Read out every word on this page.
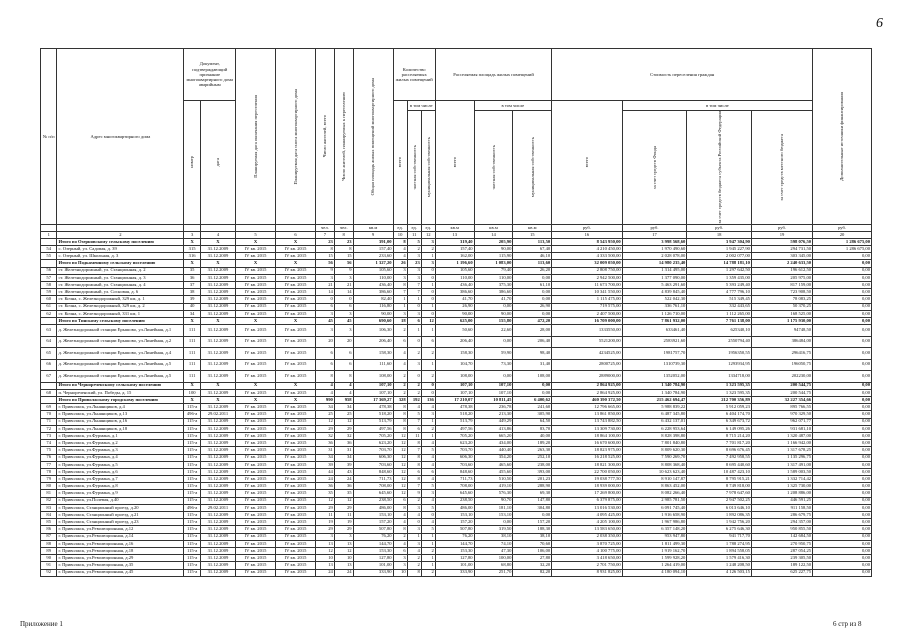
6
№ п/п	Адрес многоквартирного дома	Документ, подтверждающий признание многоквартирного дома аварийным		Планируемая дата окончания переселения	Планируемая дата сноса многоквартирного дома	Число жителей, всего	Число жителей, планируемых к переселению	Общая площадь жилых помещений многоквартирного дома	Количество расселяемых жилых помещений			Расселяемая площадь жилых помещений			Стоимость переселения граждан				Дополнительные источники финансирования

		номер	дата						всего	в том числе		всего	в том числе		всего	в том числе			

										частная собственность	муниципальная собственность		частная собственность	муниципальная собственность		за счет средств Фонда	за счет средств бюджета субъекта Российской Федерации	за счет средств местного бюджета	

						чел.	чел.	кв.м	ед.	ед.	ед.	кв.м	кв.м	кв.м	руб.	руб.	руб.	руб.	руб.
1	2	3	4	5	6	7	8	9	10	11	12	13	14	15	16	17	18	19	20
	Итого по Озерновскому сельскому поселению	X	X	X	X	23	23	391,00	8	5	3	319,40	205,90	113,50	8 543 950,00	3 998 568,60	3 947 304,90	598 076,50	1 286 675,00
54	с. Озерный, ул. Садовая, д. 39	315	31.12.2009	IV кв. 2015	IV кв. 2015	8	8	157,40	4	2	2	157,40	90,00	67,40	4 210 450,00	1 970 490,60	1 945 227,90	294 731,50	1 286 675,00
55	с. Озерный, ул. Школьная, д. 3	316	31.12.2009	IV кв. 2015	IV кв. 2015	15	15	233,60	4	3	1	162,00	115,90	46,10	4 333 500,00	2 028 078,00	2 002 077,00	303 345,00	0,00
	Итого по Подкаменному сельскому поселению	X	X	X	X	56	56	1 327,20	26	23	3	1 196,60	1 083,00	113,60	32 009 050,00	14 980 235,40	14 788 181,10	2 240 633,50	0,00
56	ст. Железнодорожный, ул. Станционная, д. 2	35	31.12.2009	IV кв. 2015	IV кв. 2015	9	9	105,60	3	3	0	105,60	79,40	26,20	2 808 750,00	1 314 495,00	1 297 642,50	196 612,50	0,00
57	ст. Железнодорожный, ул. Станционная, д. 3	36	31.12.2009	IV кв. 2015	IV кв. 2015	3	3	110,00	3	3	0	110,00	110,00	0,00	2 942 500,00	1 377 090,00	1 359 435,00	205 975,00	0,00
58	ст. Железнодорожный, ул. Станционная, д. 4	37	31.12.2009	IV кв. 2015	IV кв. 2015	21	21	436,40	8	7	1	436,40	375,30	61,10	11 673 700,00	5 463 291,60	5 393 249,40	817 159,00	0,00
59	ст. Железнодорожный, ул. Сосновая, д. 6	38	31.12.2009	IV кв. 2015	IV кв. 2015	14	14	386,60	7	7	0	386,60	386,60	0,00	10 341 550,00	4 839 845,40	4 777 796,10	723 908,50	0,00
60	ст. Кочна, с. Железнодорожный, 329 км, д. 1	39	31.12.2009	IV кв. 2015	IV кв. 2015	0	0	82,40	1	1	0	41,70	41,70	0,00	1 115 475,00	522 042,30	515 349,45	78 083,25	0,00
61	ст. Кочна, с. Железнодорожный, 329 км, д. 2	40	31.12.2009	IV кв. 2015	IV кв. 2015	6	6	116,80	1	0	1	26,90	0,00	26,90	719 575,00	336 761,10	332 443,65	50 370,25	0,00
62	ст. Кочна, с. Железнодорожный, 331 км, 1	34	31.12.2009	IV кв. 2015	IV кв. 2015	3	3	90,00	3	3	0	90,00	90,00	0,00	2 407 500,00	1 126 710,00	1 112 265,00	168 525,00	0,00
	Итого по Тинскому сельскому поселению	X	X	X	X	45	45	690,60	18	6	12	625,00	155,80	472,20	16 709 000,00	7 861 932,00	7 761 138,00	1 175 930,00	0,00
63	д. Железнодорожной станции Ерышово, ул.Линейная, д.1	111	31.12.2009	IV кв. 2015	IV кв. 2015	3	3	106,30	2	1	1	50,60	22,60	28,00	1333550,00	633461,40	625340,10	94748,50	0,00
64	д. Железнодорожной станции Ерышово, ул.Линейная, д.2	111	31.12.2009	IV кв. 2015	IV кв. 2015	20	20	206,40	6	0	6	206,40	0,00	206,40	5521200,00	2583921,60	2550794,40	386484,00	0,00
65	д. Железнодорожной станции Ерышово, ул.Линейная, д.4	111	31.12.2009	IV кв. 2015	IV кв. 2015	6	6	158,30	4	2	2	158,30	59,90	98,40	4234525,00	1981757,70	1956350,55	296416,75	0,00
66	д. Железнодорожной станции Ерышово, ул.Линейная, д.5	111	31.12.2009	IV кв. 2015	IV кв. 2015	6	6	111,60	4	3	1	104,70	73,30	31,40	2800725,00	1310739,30	1293934,95	196050,75	0,00
67	д. Железнодорожной станции Ерышово, ул.Линейная, д.5	111	31.12.2009	IV кв. 2015	IV кв. 2015	8	8	108,00	2	0	2	108,00	0,00	108,00	2889000,00	1352052,00	1334718,00	202230,00	0,00
	Итого по Чернореченскому сельскому поселению	X	X	X	X	4	4	107,10	2	2	0	107,10	107,10	0,00	2 864 925,00	1 340 784,90	1 323 595,35	200 544,75	0,00
68	п. Чернореченский, ул. Победы, д. 15	100	31.12.2009	IV кв. 2015	IV кв. 2015	4	4	107,10	2	2	0	107,10	107,10	0,00	2 864 925,00	1 340 784,90	1 323 595,35	200 544,75	0,00
	Итого по Приволжскому городскому поселению	X	X	X	X	990	958	17 369,27	328	192	136	17 210,07	10 811,45	6 400,62	460 390 372,50	215 462 694,47	212 700 356,89	32 227 354,66	0,00
69	г. Приволжск, ул.Льнянщиков, д.4	115-а	31.12.2009	IV кв. 2015	IV кв. 2015	34	34	478,38	8	4	4	478,38	236,78	241,60	12 796 665,00	5 988 839,22	5 912 059,23	895 766,55	0,00
70	г. Приволжск, ул.Льнянщиков, д.13	496-а	29.02.2011	IV кв. 2015	IV кв. 2015	25	25	518,20	8	5	3	518,20	213,30	305,90	13 861 850,00	6 487 345,80	6 404 174,70	970 329,50	0,00
71	г. Приволжск, ул.Льнянщиков, д.16	115-а	31.12.2009	IV кв. 2015	IV кв. 2015	12	12	513,79	8	7	1	513,79	449,29	64,50	13 743 882,50	6 432 137,01	6 349 673,72	962 071,77	0,00
72	г. Приволжск, ул.Льнянщиков, д.18	115-а	31.12.2009	IV кв. 2015	IV кв. 2015	29	29	497,56	8	6	2	497,56	413,86	83,70	13 309 730,00	6 228 953,64	6 149 095,26	931 681,10	0,00
73	г. Приволжск, ул.Фурмана, д.1	115-а	31.12.2009	IV кв. 2015	IV кв. 2015	32	32	705,20	12	11	1	705,20	665,20	40,00	18 864 100,00	8 828 398,80	8 715 214,20	1 320 487,00	0,00
74	г. Приволжск, ул.Фурмана, д.2	115-а	31.12.2009	IV кв. 2015	IV кв. 2015	36	36	623,20	12	8	4	623,20	434,00	189,20	16 670 600,00	7 801 840,80	7 701 817,20	1 166 942,00	0,00
75	г. Приволжск, ул.Фурмана, д.3	115-а	31.12.2009	IV кв. 2015	IV кв. 2015	31	31	703,70	12	7	5	703,70	440,40	263,30	18 823 975,00	8 809 620,30	8 696 676,45	1 317 678,25	0,00
76	г. Приволжск, ул.Фурмана, д.4	115-а	31.12.2009	IV кв. 2015	IV кв. 2015	34	34	606,30	12	8	4	606,30	354,20	252,10	16 218 525,00	7 590 269,70	7 492 958,55	1 135 296,75	0,00
77	г. Приволжск, ул.Фурмана, д.5	115-а	31.12.2009	IV кв. 2015	IV кв. 2015	39	39	703,60	12	8	4	703,60	465,60	238,00	18 821 300,00	8 808 368,40	8 695 440,60	1 317 491,00	0,00
78	г. Приволжск, ул.Фурмана, д.6	115-а	31.12.2009	IV кв. 2015	IV кв. 2015	44	43	848,60	12	6	6	848,60	455,60	393,00	22 700 050,00	10 623 623,40	10 487 423,10	1 589 003,50	0,00
79	г. Приволжск, ул.Фурмана, д.7	115-а	31.12.2009	IV кв. 2015	IV кв. 2015	24	24	711,73	12	8	4	711,73	510,50	201,23	19 038 777,50	8 910 147,87	8 795 915,21	1 332 714,42	0,00
80	г. Приволжск, ул.Фурмана, д.8	115-а	31.12.2009	IV кв. 2015	IV кв. 2015	36	36	708,00	12	7	5	708,00	419,10	288,90	18 939 000,00	8 863 452,00	8 749 818,00	1 325 730,00	0,00
81	г. Приволжск, ул.Фурмана, д.9	115-а	31.12.2009	IV кв. 2015	IV кв. 2015	35	35	645,60	12	9	3	645,60	576,30	69,30	17 269 800,00	8 082 266,40	7 978 647,60	1 208 886,00	0,00
82	г. Приволжск, ул.Полевая, д.40	115-а	31.12.2009	IV кв. 2015	IV кв. 2015	12	12	238,50	6	2	4	238,50	90,70	147,80	6 379 875,00	2 985 781,50	2 947 502,25	446 591,25	0,00
83	г. Приволжск, Станционный проезд, д.20	496-а	29.02.2011	IV кв. 2015	IV кв. 2015	29	29	486,00	8	3	5	486,00	181,10	304,80	13 016 530,00	6 091 745,40	6 013 646,10	911 158,50	0,00
84	г. Приволжск, Станционный проезд, д.21	115-а	31.12.2009	IV кв. 2015	IV кв. 2015	11	11	153,10	4	4	0	153,10	153,10	0,00	4 095 425,00	1 916 658,90	1 892 086,35	286 679,75	0,00
85	г. Приволжск, Станционный проезд, д.23	115-а	31.12.2009	IV кв. 2015	IV кв. 2015	19	19	157,20	4	0	4	157,20	0,00	157,20	4 205 100,00	1 967 986,80	1 942 756,20	294 357,00	0,00
86	г. Приволжск, ул.Революционная, д.12	115-а	31.12.2009	IV кв. 2015	IV кв. 2015	29	29	507,80	8	3	5	507,80	319,50	188,30	13 583 650,00	6 357 148,20	6 275 646,30	950 855,50	0,00
87	г. Приволжск, ул.Революционная, д.14	115-а	31.12.2009	IV кв. 2015	IV кв. 2015	3	3	76,20	2	1	1	76,20	38,10	38,10	2 038 350,00	953 947,80	941 717,70	142 684,50	0,00
88	г. Приволжск, ул.Революционная, д.16	115-а	31.12.2009	IV кв. 2015	IV кв. 2015	13	13	144,70	4	3	1	144,70	74,10	70,60	3 870 725,00	1 811 499,30	1 788 274,95	270 950,75	0,00
89	г. Приволжск, ул.Революционная, д.18	115-а	31.12.2009	IV кв. 2015	IV кв. 2015	12	12	153,30	6	4	2	153,30	47,30	106,00	4 100 775,00	1 919 162,70	1 894 558,05	287 054,25	0,00
90	г. Приволжск, ул.Революционная, д.29	115-а	31.12.2009	IV кв. 2015	IV кв. 2015	10	10	127,80	3	2	1	127,80	100,00	27,80	3 418 650,00	1 599 928,20	1 579 416,30	239 305,50	0,00
91	г. Приволжск, ул.Революционная, д.35	115-а	31.12.2009	IV кв. 2015	IV кв. 2015	13	13	101,00	3	2	1	101,00	68,80	32,20	2 701 750,00	1 264 419,00	1 248 208,50	189 122,50	0,00
92	г. Приволжск, ул.Революционная, д.45	115-а	31.12.2009	IV кв. 2015	IV кв. 2015	24	24	333,90	10	8	2	333,90	251,70	82,20	8 931 825,00	4 180 094,10	4 126 503,15	625 227,75	0,00
Приложение 1	6 стр из 8
